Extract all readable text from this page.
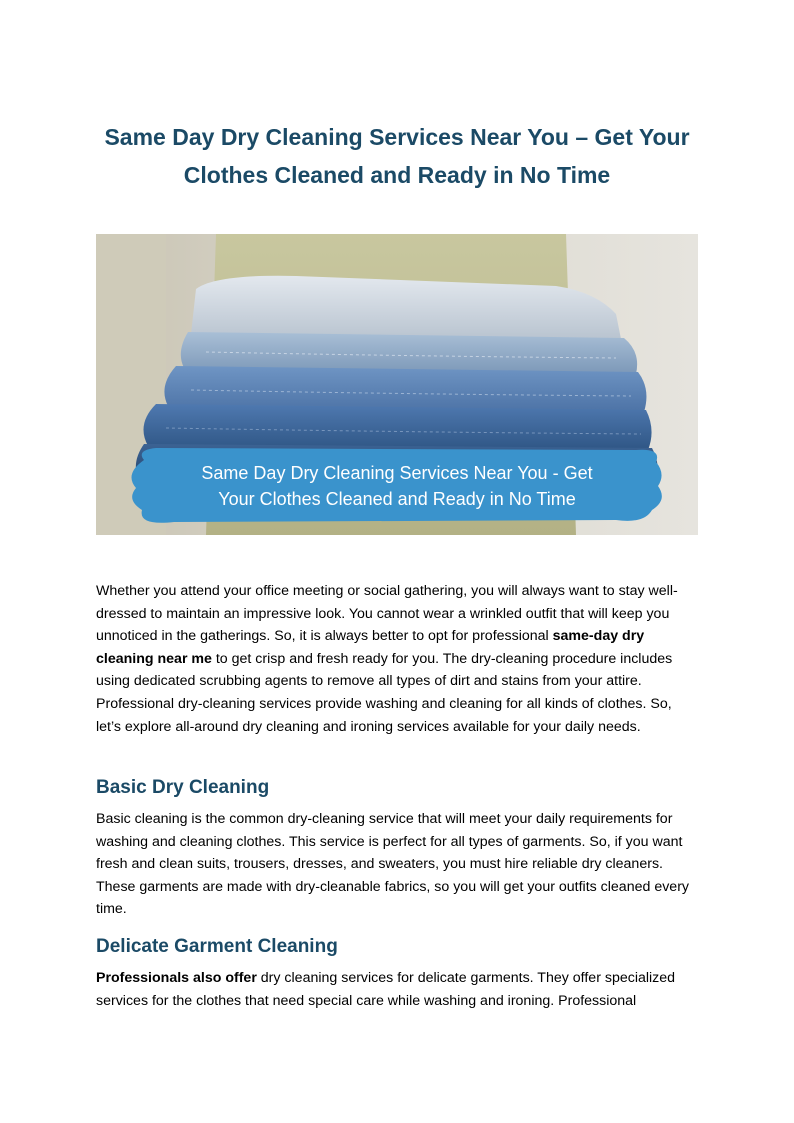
Same Day Dry Cleaning Services Near You – Get Your Clothes Cleaned and Ready in No Time
Same Day Dry Cleaning Services Near You - Get
Your Clothes Cleaned and Ready in No Time

Whether you attend your office meeting or social gathering, you will always want to stay well-dressed to maintain an impressive look. You cannot wear a wrinkled outfit that will keep you unnoticed in the gatherings. So, it is always better to opt for professional same-day dry cleaning near me to get crisp and fresh ready for you. The dry-cleaning procedure includes using dedicated scrubbing agents to remove all types of dirt and stains from your attire. Professional dry-cleaning services provide washing and cleaning for all kinds of clothes. So, let’s explore all-around dry cleaning and ironing services available for your daily needs.

Basic Dry Cleaning

Basic cleaning is the common dry-cleaning service that will meet your daily requirements for washing and cleaning clothes. This service is perfect for all types of garments. So, if you want fresh and clean suits, trousers, dresses, and sweaters, you must hire reliable dry cleaners. These garments are made with dry-cleanable fabrics, so you will get your outfits cleaned every time.

Delicate Garment Cleaning

Professionals also offer dry cleaning services for delicate garments. They offer specialized services for the clothes that need special care while washing and ironing. Professional
